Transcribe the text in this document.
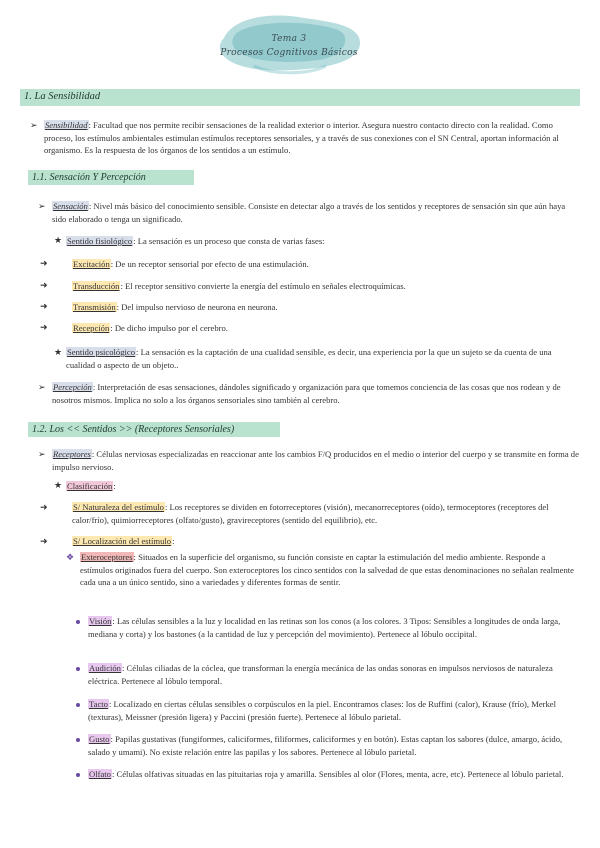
Tema 3
Procesos Cognitivos Básicos
1. La Sensibilidad
➢ Sensibilidad: Facultad que nos permite recibir sensaciones de la realidad exterior o interior. Asegura nuestro contacto directo con la realidad. Como proceso, los estímulos ambientales estimulan estímulos receptores sensoriales, y a través de sus conexiones con el SN Central, aportan información al organismo. Es la respuesta de los órganos de los sentidos a un estímulo.
1.1. Sensación Y Percepción
➢ Sensación: Nivel más básico del conocimiento sensible. Consiste en detectar algo a través de los sentidos y receptores de sensación sin que aún haya sido elaborado o tenga un significado.
★ Sentido fisiológico: La sensación es un proceso que consta de varias fases:
➜	Excitación: De un receptor sensorial por efecto de una estimulación.
➜	Transducción: El receptor sensitivo convierte la energía del estímulo en señales electroquímicas.
➜	Transmisión: Del impulso nervioso de neurona en neurona.
➜	Recepción: De dicho impulso por el cerebro.
★ Sentido psicológico: La sensación es la captación de una cualidad sensible, es decir, una experiencia por la que un sujeto se da cuenta de una cualidad o aspecto de un objeto..
➢ Percepción: Interpretación de esas sensaciones, dándoles significado y organización para que tomemos conciencia de las cosas que nos rodean y de nosotros mismos. Implica no solo a los órganos sensoriales sino también al cerebro.
1.2. Los << Sentidos >> (Receptores Sensoriales)
➢ Receptores: Células nerviosas especializadas en reaccionar ante los cambios F/Q producidos en el medio o interior del cuerpo y se transmite en forma de impulso nervioso.
★ Clasificación:
➜	S/ Naturaleza del estímulo: Los receptores se dividen en fotorreceptores (visión), mecanorreceptores (oído), termoceptores (receptores del calor/frío), quimiorreceptores (olfato/gusto), gravireceptores (sentido del equilibrio), etc.
➜	S/ Localización del estímulo:
❖ Exteroceptores: Situados en la superficie del organismo, su función consiste en captar la estimulación del medio ambiente. Responde a estímulos originados fuera del cuerpo. Son exteroceptores los cinco sentidos con la salvedad de que estas denominaciones no señalan realmente cada una a un único sentido, sino a variedades y diferentes formas de sentir.
Visión: Las células sensibles a la luz y localidad en las retinas son los conos (a los colores. 3 Tipos: Sensibles a longitudes de onda larga, mediana y corta) y los bastones (a la cantidad de luz y percepción del movimiento). Pertenece al lóbulo occipital.
Audición: Células ciliadas de la cóclea, que transforman la energía mecánica de las ondas sonoras en impulsos nerviosos de naturaleza eléctrica. Pertenece al lóbulo temporal.
Tacto: Localizado en ciertas células sensibles o corpúsculos en la piel. Encontramos clases: los de Ruffini (calor), Krause (frío), Merkel (texturas), Meissner (presión ligera) y Paccini (presión fuerte). Pertenece al lóbulo parietal.
Gusto: Papilas gustativas (fungiformes, caliciformes, filiformes, caliciformes y en botón). Estas captan los sabores (dulce, amargo, ácido, salado y umami). No existe relación entre las papilas y los sabores. Pertenece al lóbulo parietal.
Olfato: Células olfativas situadas en las pituitarias roja y amarilla. Sensibles al olor (Flores, menta, acre, etc). Pertenece al lóbulo parietal.
